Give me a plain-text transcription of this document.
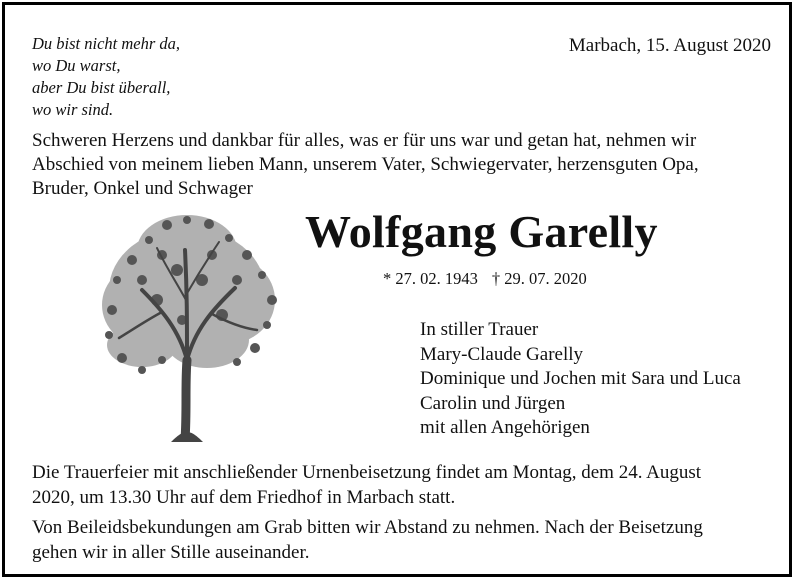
Du bist nicht mehr da,
wo Du warst,
aber Du bist überall,
wo wir sind.
Marbach, 15. August 2020
Schweren Herzens und dankbar für alles, was er für uns war und getan hat, nehmen wir
Abschied von meinem lieben Mann, unserem Vater, Schwiegervater, herzensguten Opa,
Bruder, Onkel und Schwager
Wolfgang Garelly
* 27. 02. 1943 † 29. 07. 2020
In stiller Trauer
Mary-Claude Garelly
Dominique und Jochen mit Sara und Luca
Carolin und Jürgen
mit allen Angehörigen
Die Trauerfeier mit anschließender Urnenbeisetzung findet am Montag, dem 24. August
2020, um 13.30 Uhr auf dem Friedhof in Marbach statt.
Von Beileidsbekundungen am Grab bitten wir Abstand zu nehmen. Nach der Beisetzung
gehen wir in aller Stille auseinander.
